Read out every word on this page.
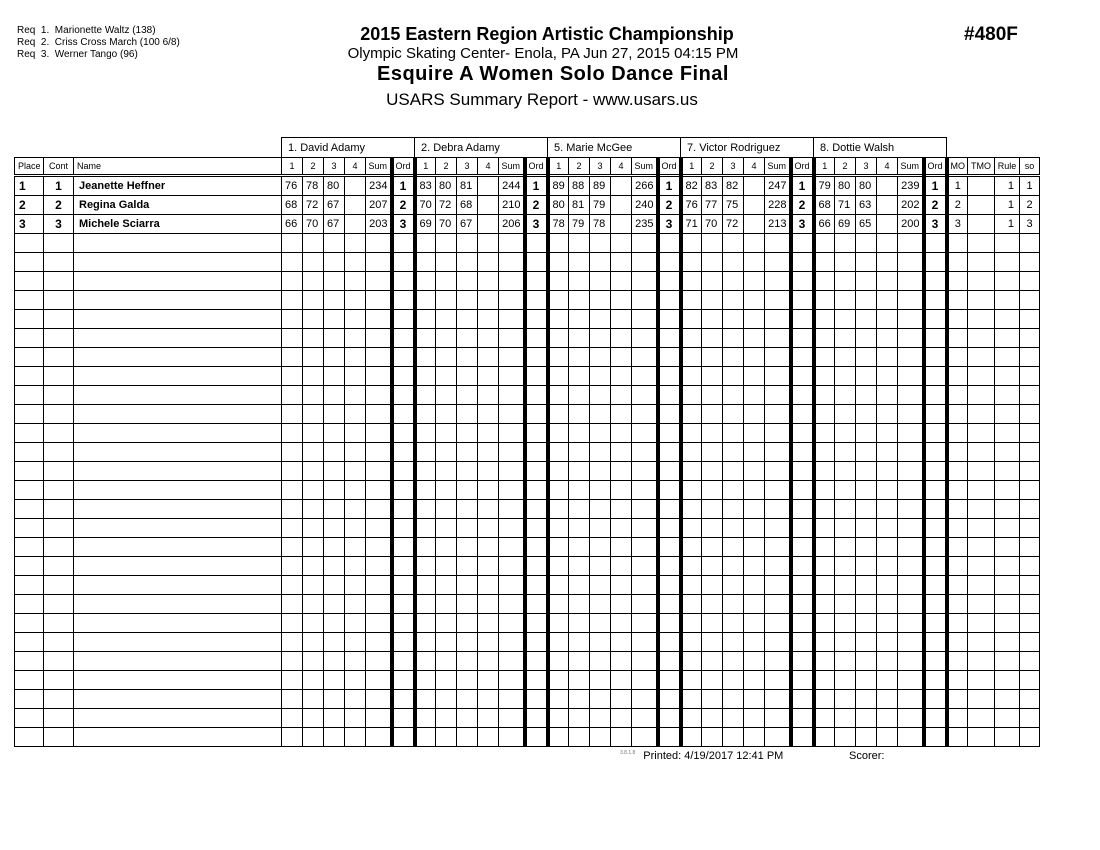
Req  1.  Marionette Waltz (138)
Req  2.  Criss Cross March (100 6/8)
Req  3.  Werner Tango (96)
2015 Eastern Region Artistic Championship
Olympic Skating Center- Enola, PA Jun 27, 2015 04:15 PM
Esquire A Women Solo Dance Final
USARS Summary Report - www.usars.us
#480F
			1. David Adamy						2. Debra Adamy						5. Marie McGee						7. Victor Rodriguez						8. Dottie Walsh									
Place	Cont	Name	1	2	3	4	Sum	Ord	1	2	3	4	Sum	Ord	1	2	3	4	Sum	Ord	1	2	3	4	Sum	Ord	1	2	3	4	Sum	Ord	MO	TMO	Rule	so
1	1	Jeanette Heffner	76	78	80		234	1	83	80	81		244	1	89	88	89		266	1	82	83	82		247	1	79	80	80		239	1	1		1	1
2	2	Regina Galda	68	72	67		207	2	70	72	68		210	2	80	81	79		240	2	76	77	75		228	2	68	71	63		202	2	2		1	2
3	3	Michele Sciarra	66	70	67		203	3	69	70	67		206	3	78	79	78		235	3	71	70	72		213	3	66	69	65		200	3	3		1	3

$^{3.8.1.8}$ Printed: 4/19/2017 12:41 PM	Scorer:
